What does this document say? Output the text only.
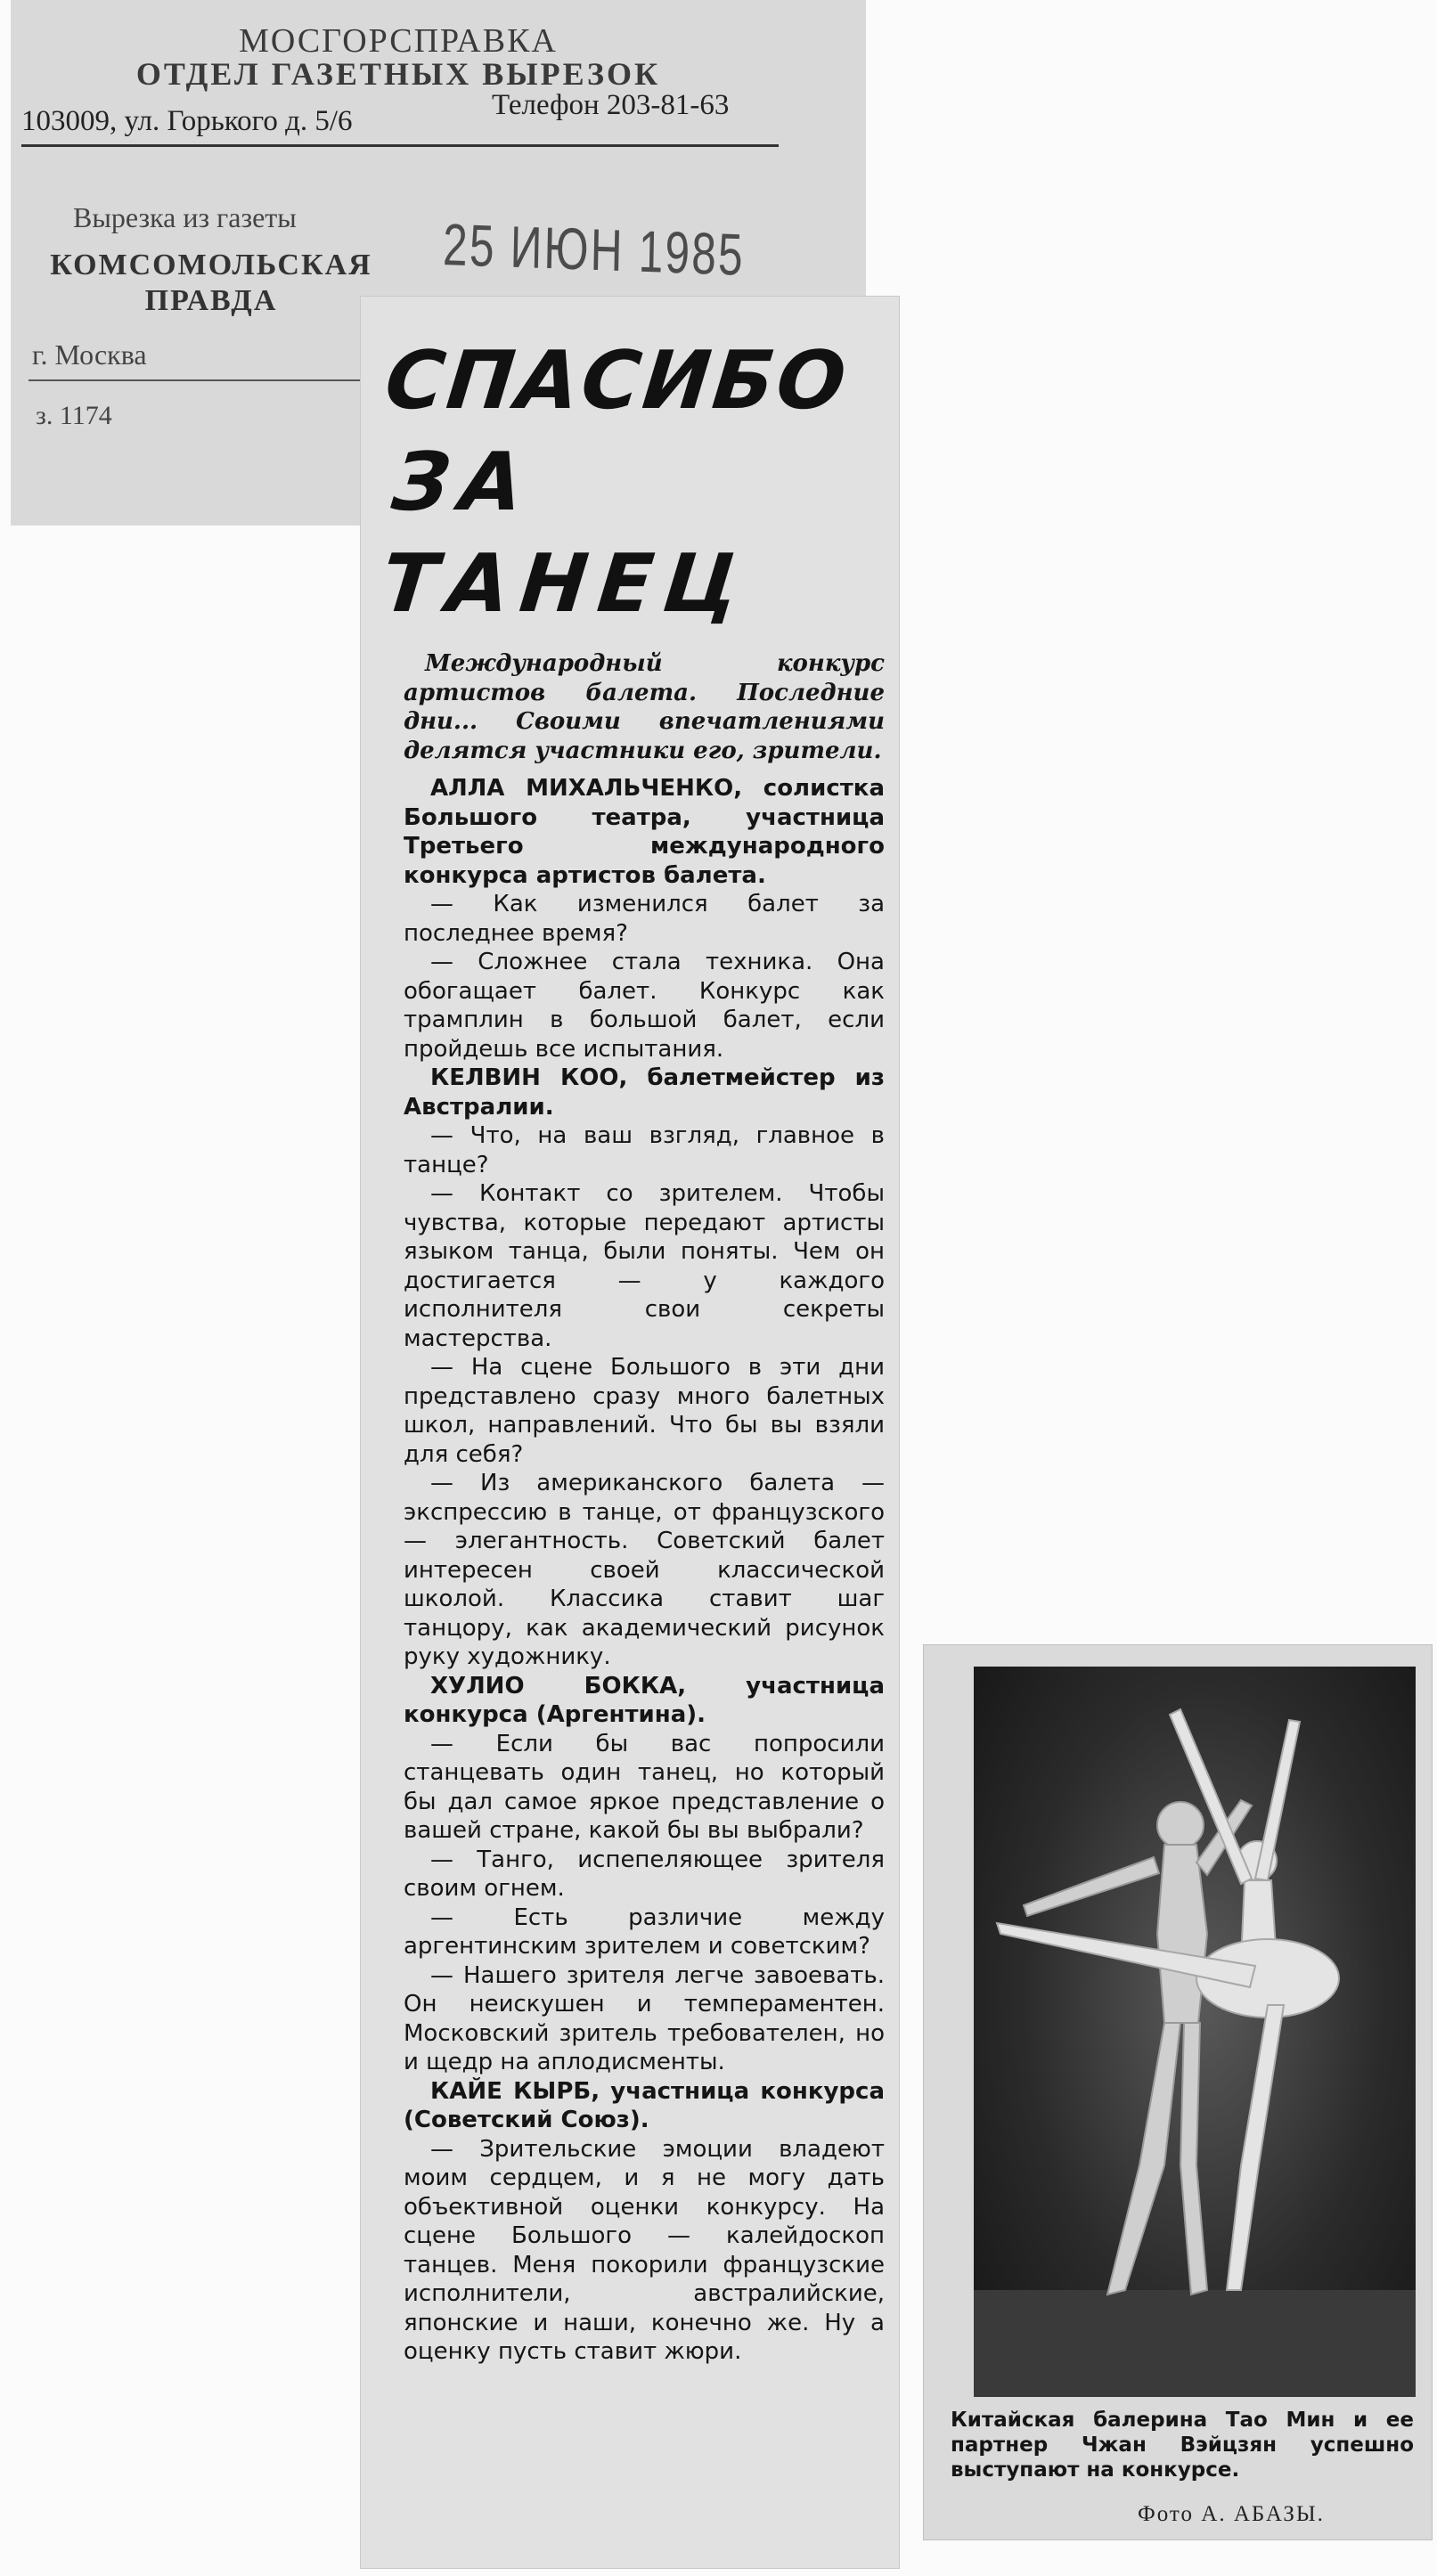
МОСГОРСПРАВКА
ОТДЕЛ ГАЗЕТНЫХ ВЫРЕЗОК
103009, ул. Горького д. 5/6	Телефон 203-81-63
Вырезка из газеты
КОМСОМОЛЬСКАЯ ПРАВДА
25 ИЮН 1985
г. Москва
з. 1174	СПАСИБО
ЗА ТАНЕЦ

Международный конкурс артистов балета. Последние дни... Своими впечатлениями делятся участники его, зрители.

АЛЛА МИХАЛЬЧЕНКО, солистка Большого театра, участница Третьего международного конкурса артистов балета.

— Как изменился балет за последнее время?

— Сложнее стала техника. Она обогащает балет. Конкурс как трамплин в большой балет, если пройдешь все испытания.

КЕЛВИН КОО, балетмейстер из Австралии.

— Что, на ваш взгляд, главное в танце?

— Контакт со зрителем. Чтобы чувства, которые передают артисты языком танца, были поняты. Чем он достигается — у каждого исполнителя свои секреты мастерства.

— На сцене Большого в эти дни представлено сразу много балетных школ, направлений. Что бы вы взяли для себя?

— Из американского балета — экспрессию в танце, от французского — элегантность. Советский балет интересен своей классической школой. Классика ставит шаг танцору, как академический рисунок руку художнику.

ХУЛИО БОККА, участница конкурса (Аргентина).

— Если бы вас попросили станцевать один танец, но который бы дал самое яркое представление о вашей стране, какой бы вы выбрали?

— Танго, испепеляющее зрителя своим огнем.

— Есть различие между аргентинским зрителем и советским?

— Нашего зрителя легче завоевать. Он неискушен и темпераментен. Московский зритель требователен, но и щедр на аплодисменты.

КАЙЕ КЫРБ, участница конкурса (Советский Союз).

— Зрительские эмоции владеют моим сердцем, и я не могу дать объективной оценки конкурсу. На сцене Большого — калейдоскоп танцев. Меня покорили французские исполнители, австралийские, японские и наши, конечно же. Ну а оценку пусть ставит жюри.

Китайская балерина Тао Мин и ее партнер Чжан Вэйцзян успешно выступают на конкурсе.
Фото А. АБАЗЫ.
